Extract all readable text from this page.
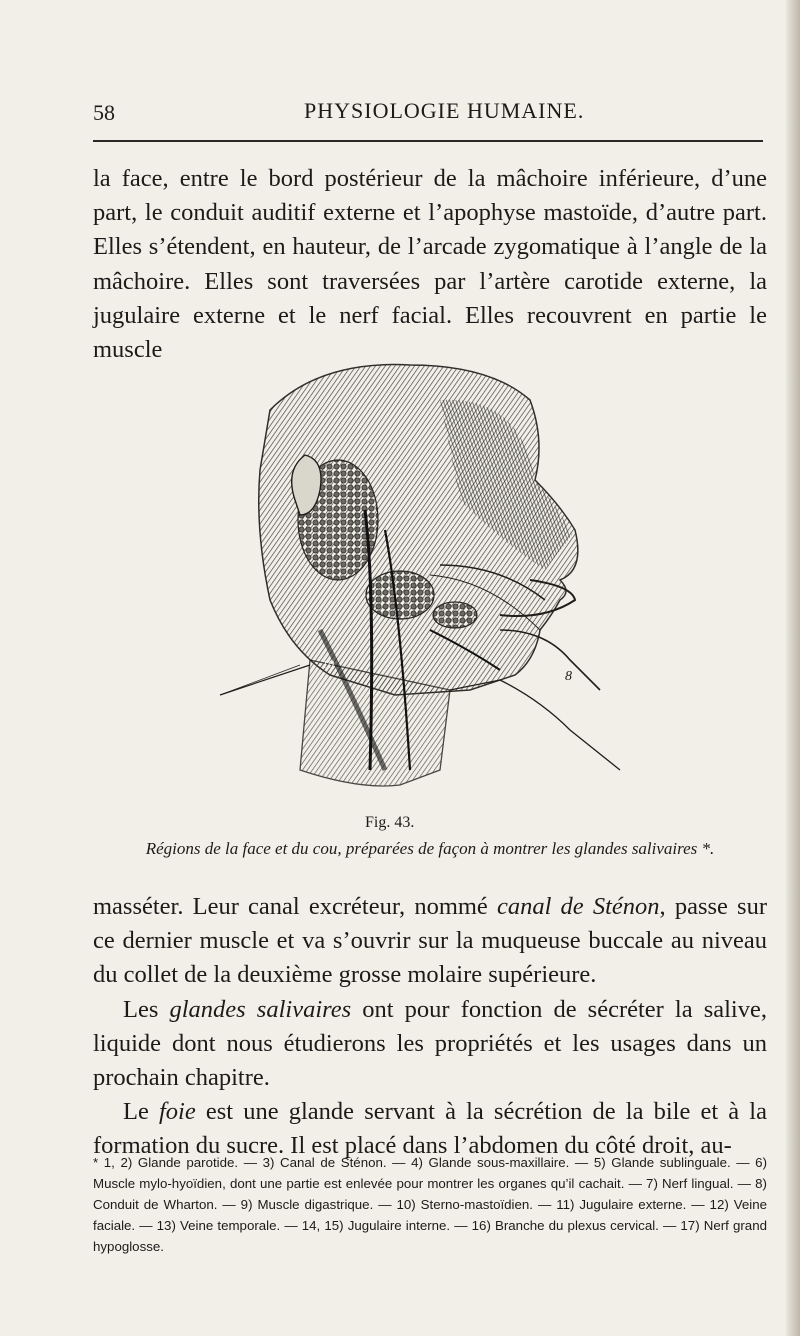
58	PHYSIOLOGIE HUMAINE.

la face, entre le bord postérieur de la mâchoire inférieure, d’une part, le conduit auditif externe et l’apophyse mastoïde, d’autre part. Elles s’étendent, en hauteur, de l’arcade zygomatique à l’angle de la mâchoire. Elles sont traversées par l’artère carotide externe, la jugulaire externe et le nerf facial. Elles recouvrent en partie le muscle

8
10
Fig. 43.
Régions de la face et du cou, préparées de façon à montrer les glandes salivaires *.

masséter. Leur canal excréteur, nommé canal de Sténon, passe sur ce dernier muscle et va s’ouvrir sur la muqueuse buccale au niveau du collet de la deuxième grosse molaire supérieure.

Les glandes salivaires ont pour fonction de sécréter la salive, liquide dont nous étudierons les propriétés et les usages dans un prochain chapitre.

Le foie est une glande servant à la sécrétion de la bile et à la formation du sucre. Il est placé dans l’abdomen du côté droit, au-

* 1, 2) Glande parotide. — 3) Canal de Sténon. — 4) Glande sous-maxillaire. — 5) Glande sublinguale. — 6) Muscle mylo-hyoïdien, dont une partie est enlevée pour montrer les organes qu’il cachait. — 7) Nerf lingual. — 8) Conduit de Wharton. — 9) Muscle digastrique. — 10) Sterno-mastoïdien. — 11) Jugulaire externe. — 12) Veine faciale. — 13) Veine temporale. — 14, 15) Jugulaire interne. — 16) Branche du plexus cervical. — 17) Nerf grand hypoglosse.
